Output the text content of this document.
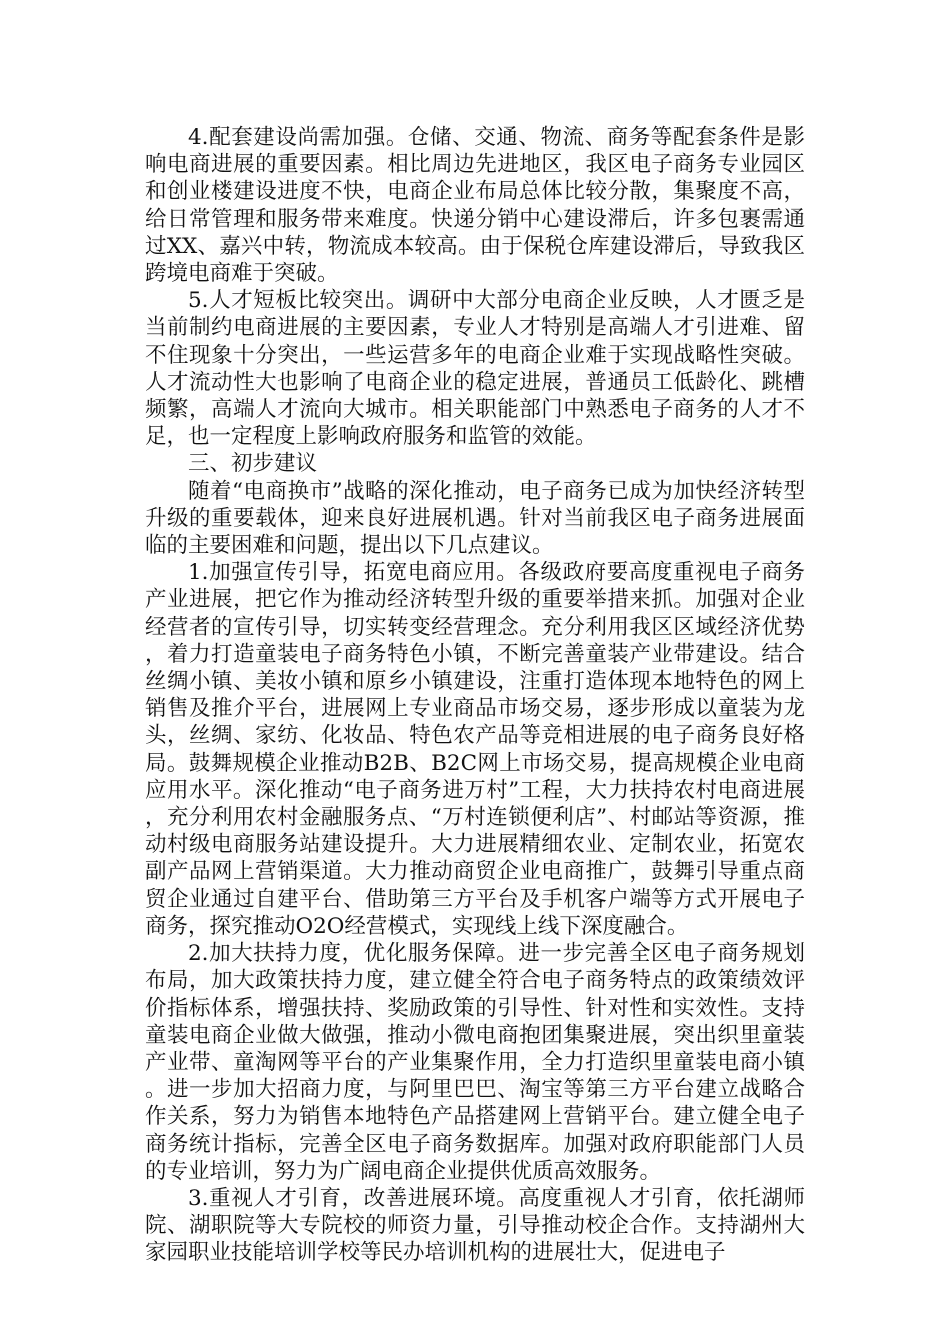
4.配套建设尚需加强。仓储、交通、物流、商务等配套条件是影响电商进展的重要因素。相比周边先进地区，我区电子商务专业园区和创业楼建设进度不快，电商企业布局总体比较分散，集聚度不高，给日常管理和服务带来难度。快递分销中心建设滞后，许多包裹需通过XX、嘉兴中转，物流成本较高。由于保税仓库建设滞后，导致我区跨境电商难于突破。

5.人才短板比较突出。调研中大部分电商企业反映，人才匮乏是当前制约电商进展的主要因素，专业人才特别是高端人才引进难、留不住现象十分突出，一些运营多年的电商企业难于实现战略性突破。人才流动性大也影响了电商企业的稳定进展，普通员工低龄化、跳槽频繁，高端人才流向大城市。相关职能部门中熟悉电子商务的人才不足，也一定程度上影响政府服务和监管的效能。

三、初步建议

随着“电商换市”战略的深化推动，电子商务已成为加快经济转型升级的重要载体，迎来良好进展机遇。针对当前我区电子商务进展面临的主要困难和问题，提出以下几点建议。

1.加强宣传引导，拓宽电商应用。各级政府要高度重视电子商务产业进展，把它作为推动经济转型升级的重要举措来抓。加强对企业经营者的宣传引导，切实转变经营理念。充分利用我区区域经济优势，着力打造童装电子商务特色小镇，不断完善童装产业带建设。结合丝绸小镇、美妆小镇和原乡小镇建设，注重打造体现本地特色的网上销售及推介平台，进展网上专业商品市场交易，逐步形成以童装为龙头，丝绸、家纺、化妆品、特色农产品等竞相进展的电子商务良好格局。鼓舞规模企业推动B2B、B2C网上市场交易，提高规模企业电商应用水平。深化推动“电子商务进万村”工程，大力扶持农村电商进展，充分利用农村金融服务点、“万村连锁便利店”、村邮站等资源，推动村级电商服务站建设提升。大力进展精细农业、定制农业，拓宽农副产品网上营销渠道。大力推动商贸企业电商推广，鼓舞引导重点商贸企业通过自建平台、借助第三方平台及手机客户端等方式开展电子商务，探究推动O2O经营模式，实现线上线下深度融合。

2.加大扶持力度，优化服务保障。进一步完善全区电子商务规划布局，加大政策扶持力度，建立健全符合电子商务特点的政策绩效评价指标体系，增强扶持、奖励政策的引导性、针对性和实效性。支持童装电商企业做大做强，推动小微电商抱团集聚进展，突出织里童装产业带、童淘网等平台的产业集聚作用，全力打造织里童装电商小镇。进一步加大招商力度，与阿里巴巴、淘宝等第三方平台建立战略合作关系，努力为销售本地特色产品搭建网上营销平台。建立健全电子商务统计指标，完善全区电子商务数据库。加强对政府职能部门人员的专业培训，努力为广阔电商企业提供优质高效服务。

3.重视人才引育，改善进展环境。高度重视人才引育，依托湖师院、湖职院等大专院校的师资力量，引导推动校企合作。支持湖州大家园职业技能培训学校等民办培训机构的进展壮大，促进电子
